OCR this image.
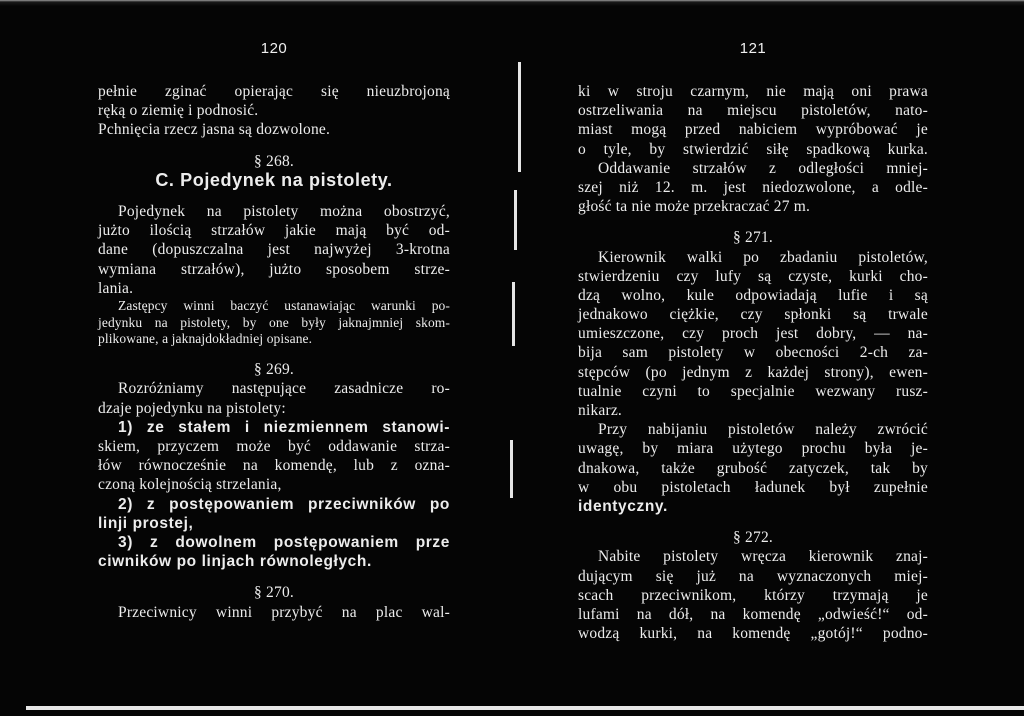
120
pełnie zginać opierając się nieuzbrojoną
ręką o ziemię i podnosić.
Pchnięcia rzecz jasna są dozwolone.
§ 268.
C. Pojedynek na pistolety.
Pojedynek na pistolety można obostrzyć,
jużto ilością strzałów jakie mają być od-
dane (dopuszczalna jest najwyżej 3-krotna
wymiana strzałów), jużto sposobem strze-
lania.
Zastępcy winni baczyć ustanawiając warunki po-
jedynku na pistolety, by one były jaknajmniej skom-
plikowane, a jaknajdokładniej opisane.
§ 269.
Rozróżniamy następujące zasadnicze ro-
dzaje pojedynku na pistolety:
1) ze stałem i niezmiennem stanowi-
skiem, przyczem może być oddawanie strza-
łów równocześnie na komendę, lub z ozna-
czoną kolejnością strzelania,
2) z postępowaniem przeciwników po
linji prostej,
3) z dowolnem postępowaniem prze
ciwników po linjach równoległych.
§ 270.
Przeciwnicy winni przybyć na plac wal-
121
ki w stroju czarnym, nie mają oni prawa
ostrzeliwania na miejscu pistoletów, nato-
miast mogą przed nabiciem wypróbować je
o tyle, by stwierdzić siłę spadkową kurka.
Oddawanie strzałów z odległości mniej-
szej niż 12. m. jest niedozwolone, a odle-
głość ta nie może przekraczać 27 m.
§ 271.
Kierownik walki po zbadaniu pistoletów,
stwierdzeniu czy lufy są czyste, kurki cho-
dzą wolno, kule odpowiadają lufie i są
jednakowo ciężkie, czy spłonki są trwale
umieszczone, czy proch jest dobry, — na-
bija sam pistolety w obecności 2-ch za-
stępców (po jednym z każdej strony), ewen-
tualnie czyni to specjalnie wezwany rusz-
nikarz.
Przy nabijaniu pistoletów należy zwrócić
uwagę, by miara użytego prochu była je-
dnakowa, także grubość zatyczek, tak by
w obu pistoletach ładunek był zupełnie
identyczny.
§ 272.
Nabite pistolety wręcza kierownik znaj-
dującym się już na wyznaczonych miej-
scach przeciwnikom, którzy trzymają je
lufami na dół, na komendę „odwieść!“ od-
wodzą kurki, na komendę „gotój!“ podno-
